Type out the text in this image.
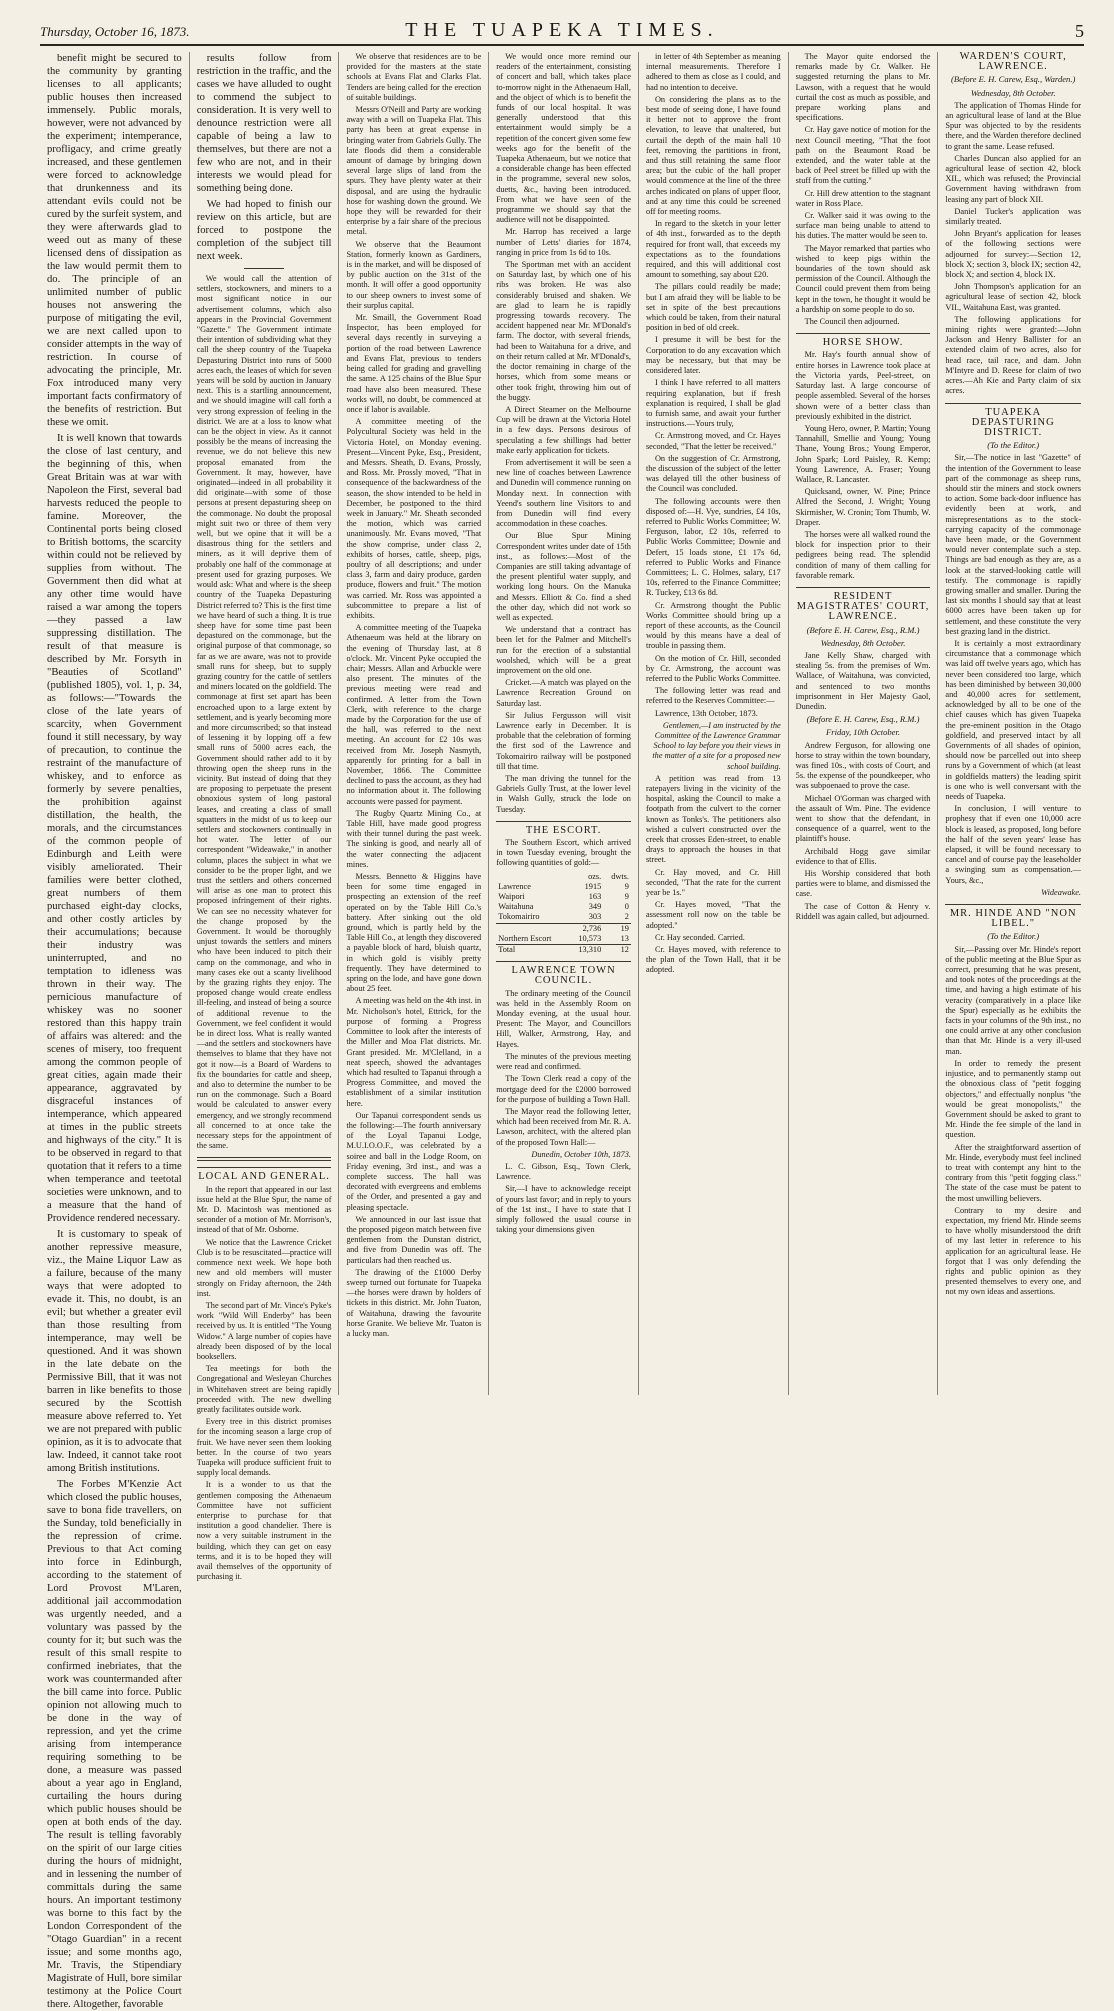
Thursday, October 16, 1873.	THE TUAPEKA TIMES.	5

benefit might be secured to the community by granting licenses to all applicants; public houses then increased immensely. Public morals, however, were not advanced by the experiment; intemperance, profligacy, and crime greatly increased, and these gentlemen were forced to acknowledge that drunkenness and its attendant evils could not be cured by the surfeit system, and they were afterwards glad to weed out as many of these licensed dens of dissipation as the law would permit them to do. The principle of an unlimited number of public houses not answering the purpose of mitigating the evil, we are next called upon to consider attempts in the way of restriction. In course of advocating the principle, Mr. Fox introduced many very important facts confirmatory of the benefits of restriction. But these we omit.

It is well known that towards the close of last century, and the beginning of this, when Great Britain was at war with Napoleon the First, several bad harvests reduced the people to famine. Moreover, the Continental ports being closed to British bottoms, the scarcity within could not be relieved by supplies from without. The Government then did what at any other time would have raised a war among the topers—they passed a law suppressing distillation. The result of that measure is described by Mr. Forsyth in "Beauties of Scotland" (published 1805), vol. 1, p. 34, as follows:—"Towards the close of the late years of scarcity, when Government found it still necessary, by way of precaution, to continue the restraint of the manufacture of whiskey, and to enforce as formerly by severe penalties, the prohibition against distillation, the health, the morals, and the circumstances of the common people of Edinburgh and Leith were visibly ameliorated. Their families were better clothed, great numbers of them purchased eight-day clocks, and other costly articles by their accumulations; because their industry was uninterrupted, and no temptation to idleness was thrown in their way. The pernicious manufacture of whiskey was no sooner restored than this happy train of affairs was altered: and the scenes of misery, too frequent among the common people of great cities, again made their appearance, aggravated by disgraceful instances of intemperance, which appeared at times in the public streets and highways of the city." It is to be observed in regard to that quotation that it refers to a time when temperance and teetotal societies were unknown, and to a measure that the hand of Providence rendered necessary.

It is customary to speak of another repressive measure, viz., the Maine Liquor Law as a failure, because of the many ways that were adopted to evade it. This, no doubt, is an evil; but whether a greater evil than those resulting from intemperance, may well be questioned. And it was shown in the late debate on the Permissive Bill, that it was not barren in like benefits to those secured by the Scottish measure above referred to. Yet we are not prepared with public opinion, as it is to advocate that law. Indeed, it cannot take root among British institutions.

The Forbes M'Kenzie Act which closed the public houses, save to bona fide travellers, on the Sunday, told beneficially in the repression of crime. Previous to that Act coming into force in Edinburgh, according to the statement of Lord Provost M'Laren, additional jail accommodation was urgently needed, and a voluntary was passed by the county for it; but such was the result of this small respite to confirmed inebriates, that the work was countermanded after the bill came into force. Public opinion not allowing much to be done in the way of repression, and yet the crime arising from intemperance requiring something to be done, a measure was passed about a year ago in England, curtailing the hours during which public houses should be open at both ends of the day. The result is telling favorably on the spirit of our large cities during the hours of midnight, and in lessening the number of committals during the same hours. An important testimony was borne to this fact by the London Correspondent of the "Otago Guardian" in a recent issue; and some months ago, Mr. Travis, the Stipendiary Magistrate of Hull, bore similar testimony at the Police Court there. Altogether, favorable

results follow from restriction in the traffic, and the cases we have alluded to ought to commend the subject to consideration. It is very well to denounce restriction were all capable of being a law to themselves, but there are not a few who are not, and in their interests we would plead for something being done.

We had hoped to finish our review on this article, but are forced to postpone the completion of the subject till next week.

We would call the attention of settlers, stockowners, and miners to a most significant notice in our advertisement columns, which also appears in the Provincial Government "Gazette." The Government intimate their intention of subdividing what they call the sheep country of the Tuapeka Depasturing District into runs of 5000 acres each, the leases of which for seven years will be sold by auction in January next. This is a startling announcement, and we should imagine will call forth a very strong expression of feeling in the district. We are at a loss to know what can be the object in view. As it cannot possibly be the means of increasing the revenue, we do not believe this new proposal emanated from the Government. It may, however, have originated—indeed in all probability it did originate—with some of those persons at present depasturing sheep on the commonage. No doubt the proposal might suit two or three of them very well, but we opine that it will be a disastrous thing for the settlers and miners, as it will deprive them of probably one half of the commonage at present used for grazing purposes. We would ask: What and where is the sheep country of the Tuapeka Depasturing District referred to? This is the first time we have heard of such a thing. It is true sheep have for some time past been depastured on the commonage, but the original purpose of that commonage, so far as we are aware, was not to provide small runs for sheep, but to supply grazing country for the cattle of settlers and miners located on the goldfield. The commonage at first set apart has been encroached upon to a large extent by settlement, and is yearly becoming more and more circumscribed; so that instead of lessening it by lopping off a few small runs of 5000 acres each, the Government should rather add to it by throwing open the sheep runs in the vicinity. But instead of doing that they are proposing to perpetuate the present obnoxious system of long pastoral leases, and creating a class of small squatters in the midst of us to keep our settlers and stockowners continually in hot water. The letter of our correspondent "Wideawake," in another column, places the subject in what we consider to be the proper light, and we trust the settlers and others concerned will arise as one man to protect this proposed infringement of their rights. We can see no necessity whatever for the change proposed by the Government. It would be thoroughly unjust towards the settlers and miners who have been induced to pitch their camp on the commonage, and who in many cases eke out a scanty livelihood by the grazing rights they enjoy. The proposed change would create endless ill-feeling, and instead of being a source of additional revenue to the Government, we feel confident it would be in direct loss. What is really wanted—and the settlers and stockowners have themselves to blame that they have not got it now—is a Board of Wardens to fix the boundaries for cattle and sheep, and also to determine the number to be run on the commonage. Such a Board would be calculated to answer every emergency, and we strongly recommend all concerned to at once take the necessary steps for the appointment of the same.

LOCAL AND GENERAL.

In the report that appeared in our last issue held at the Blue Spur, the name of Mr. D. Macintosh was mentioned as seconder of a motion of Mr. Morrison's, instead of that of Mr. Osborne.

We notice that the Lawrence Cricket Club is to be resuscitated—practice will commence next week. We hope both new and old members will muster strongly on Friday afternoon, the 24th inst.

The second part of Mr. Vince's Pyke's work "Wild Will Enderby" has been received by us. It is entitled "The Young Widow." A large number of copies have already been disposed of by the local booksellers.

Tea meetings for both the Congregational and Wesleyan Churches in Whitehaven street are being rapidly proceeded with. The new dwelling greatly facilitates outside work.

Every tree in this district promises for the incoming season a large crop of fruit. We have never seen them looking better. In the course of two years Tuapeka will produce sufficient fruit to supply local demands.

It is a wonder to us that the gentlemen composing the Athenaeum Committee have not sufficient enterprise to purchase for that institution a good chandelier. There is now a very suitable instrument in the building, which they can get on easy terms, and it is to be hoped they will avail themselves of the opportunity of purchasing it.

We observe that residences are to be provided for the masters at the state schools at Evans Flat and Clarks Flat. Tenders are being called for the erection of suitable buildings.

Messrs O'Neill and Party are working away with a will on Tuapeka Flat. This party has been at great expense in bringing water from Gabriels Gully. The late floods did them a considerable amount of damage by bringing down several large slips of land from the spurs. They have plenty water at their disposal, and are using the hydraulic hose for washing down the ground. We hope they will be rewarded for their enterprise by a fair share of the precious metal.

We observe that the Beaumont Station, formerly known as Gardiners, is in the market, and will be disposed of by public auction on the 31st of the month. It will offer a good opportunity to our sheep owners to invest some of their surplus capital.

Mr. Smaill, the Government Road Inspector, has been employed for several days recently in surveying a portion of the road between Lawrence and Evans Flat, previous to tenders being called for grading and gravelling the same. A 125 chains of the Blue Spur road have also been measured. These works will, no doubt, be commenced at once if labor is available.

A committee meeting of the Polycultural Society was held in the Victoria Hotel, on Monday evening. Present—Vincent Pyke, Esq., President, and Messrs. Sheath, D. Evans, Prossly, and Ross. Mr. Prossly moved, "That in consequence of the backwardness of the season, the show intended to be held in December, be postponed to the third week in January." Mr. Sheath seconded the motion, which was carried unanimously. Mr. Evans moved, "That the show comprise, under class 2, exhibits of horses, cattle, sheep, pigs, poultry of all descriptions; and under class 3, farm and dairy produce, garden produce, flowers and fruit." The motion was carried. Mr. Ross was appointed a subcommittee to prepare a list of exhibits.

A committee meeting of the Tuapeka Athenaeum was held at the library on the evening of Thursday last, at 8 o'clock. Mr. Vincent Pyke occupied the chair; Messrs. Allan and Arbuckle were also present. The minutes of the previous meeting were read and confirmed. A letter from the Town Clerk, with reference to the charge made by the Corporation for the use of the hall, was referred to the next meeting. An account for £2 10s was received from Mr. Joseph Nasmyth, apparently for printing for a ball in November, 1866. The Committee declined to pass the account, as they had no information about it. The following accounts were passed for payment.

The Rugby Quartz Mining Co., at Table Hill, have made good progress with their tunnel during the past week. The sinking is good, and nearly all of the water connecting the adjacent mines.

Messrs. Bennetto & Higgins have been for some time engaged in prospecting an extension of the reef operated on by the Table Hill Co.'s battery. After sinking out the old ground, which is partly held by the Table Hill Co., at length they discovered a payable block of hard, bluish quartz, in which gold is visibly pretty frequently. They have determined to spring on the lode, and have gone down about 25 feet.

A meeting was held on the 4th inst. in Mr. Nicholson's hotel, Ettrick, for the purpose of forming a Progress Committee to look after the interests of the Miller and Moa Flat districts. Mr. Grant presided. Mr. M'Clelland, in a neat speech, showed the advantages which had resulted to Tapanui through a Progress Committee, and moved the establishment of a similar institution here.

Our Tapanui correspondent sends us the following:—The fourth anniversary of the Loyal Tapanui Lodge, M.U.I.O.O.F., was celebrated by a soiree and ball in the Lodge Room, on Friday evening, 3rd inst., and was a complete success. The hall was decorated with evergreens and emblems of the Order, and presented a gay and pleasing spectacle.

We announced in our last issue that the proposed pigeon match between five gentlemen from the Dunstan district, and five from Dunedin was off. The particulars had then reached us.

The drawing of the £1000 Derby sweep turned out fortunate for Tuapeka—the horses were drawn by holders of tickets in this district. Mr. John Tuaton, of Waitahuna, drawing the favourite horse Granite. We believe Mr. Tuaton is a lucky man.

We would once more remind our readers of the entertainment, consisting of concert and ball, which takes place to-morrow night in the Athenaeum Hall, and the object of which is to benefit the funds of our local hospital. It was generally understood that this entertainment would simply be a repetition of the concert given some few weeks ago for the benefit of the Tuapeka Athenaeum, but we notice that a considerable change has been effected in the programme, several new solos, duetts, &c., having been introduced. From what we have seen of the programme we should say that the audience will not be disappointed.

Mr. Harrop has received a large number of Letts' diaries for 1874, ranging in price from 1s 6d to 10s.

The Sportman met with an accident on Saturday last, by which one of his ribs was broken. He was also considerably bruised and shaken. We are glad to learn he is rapidly progressing towards recovery. The accident happened near Mr. M'Donald's farm. The doctor, with several friends, had been to Waitahuna for a drive, and on their return called at Mr. M'Donald's, the doctor remaining in charge of the horses, which from some means or other took fright, throwing him out of the buggy.

A Direct Steamer on the Melbourne Cup will be drawn at the Victoria Hotel in a few days. Persons desirous of speculating a few shillings had better make early application for tickets.

From advertisement it will be seen a new line of coaches between Lawrence and Dunedin will commence running on Monday next. In connection with Yeend's southern line Visitors to and from Dunedin will find every accommodation in these coaches.

Our Blue Spur Mining Correspondent writes under date of 15th inst., as follows:—Most of the Companies are still taking advantage of the present plentiful water supply, and working long hours. On the Manuka and Messrs. Elliott & Co. find a shed the other day, which did not work so well as expected.

We understand that a contract has been let for the Palmer and Mitchell's run for the erection of a substantial woolshed, which will be a great improvement on the old one.

Cricket.—A match was played on the Lawrence Recreation Ground on Saturday last.

Sir Julius Fergusson will visit Lawrence early in December. It is probable that the celebration of forming the first sod of the Lawrence and Tokomairiro railway will be postponed till that time.

The man driving the tunnel for the Gabriels Gully Trust, at the lower level in Walsh Gully, struck the lode on Tuesday.

THE ESCORT.

The Southern Escort, which arrived in town Tuesday evening, brought the following quantities of gold:—

	ozs.	dwts.
Lawrence	1915	9
Waipori	163	9
Waitahuna	349	0
Tokomairiro	303	2
	2,736	19
Northern Escort	10,573	13
Total	13,310	12
LAWRENCE TOWN COUNCIL.

The ordinary meeting of the Council was held in the Assembly Room on Monday evening, at the usual hour. Present: The Mayor, and Councillors Hill, Walker, Armstrong, Hay, and Hayes.

The minutes of the previous meeting were read and confirmed.

The Town Clerk read a copy of the mortgage deed for the £2000 borrowed for the purpose of building a Town Hall.

The Mayor read the following letter, which had been received from Mr. R. A. Lawson, architect, with the altered plan of the proposed Town Hall:—

Dunedin, October 10th, 1873.

L. C. Gibson, Esq., Town Clerk, Lawrence.

Sir,—I have to acknowledge receipt of yours last favor; and in reply to yours of the 1st inst., I have to state that I simply followed the usual course in taking your dimensions given

in letter of 4th September as meaning internal measurements. Therefore I adhered to them as close as I could, and had no intention to deceive.

On considering the plans as to the best mode of seeing done, I have found it better not to approve the front elevation, to leave that unaltered, but curtail the depth of the main hall 10 feet, removing the partitions in front, and thus still retaining the same floor area; but the cubic of the hall proper would commence at the line of the three arches indicated on plans of upper floor, and at any time this could be screened off for meeting rooms.

In regard to the sketch in your letter of 4th inst., forwarded as to the depth required for front wall, that exceeds my expectations as to the foundations required, and this will additional cost amount to something, say about £20.

The pillars could readily be made; but I am afraid they will be liable to be set in spite of the best precautions which could be taken, from their natural position in bed of old creek.

I presume it will be best for the Corporation to do any excavation which may be necessary, but that may be considered later.

I think I have referred to all matters requiring explanation, but if fresh explanation is required, I shall be glad to furnish same, and await your further instructions.—Yours truly,

Cr. Armstrong moved, and Cr. Hayes seconded, "That the letter be received."

On the suggestion of Cr. Armstrong, the discussion of the subject of the letter was delayed till the other business of the Council was concluded.

The following accounts were then disposed of:—H. Vye, sundries, £4 10s, referred to Public Works Committee; W. Ferguson, labor, £2 10s, referred to Public Works Committee; Downie and Defert, 15 loads stone, £1 17s 6d, referred to Public Works and Finance Committees; L. C. Holmes, salary, £17 10s, referred to the Finance Committee; R. Tuckey, £13 6s 8d.

Cr. Armstrong thought the Public Works Committee should bring up a report of these accounts, as the Council would by this means have a deal of trouble in passing them.

On the motion of Cr. Hill, seconded by Cr. Armstrong, the account was referred to the Public Works Committee.

The following letter was read and referred to the Reserves Committee:—

Lawrence, 13th October, 1873.

Gentlemen,—I am instructed by the Committee of the Lawrence Grammar School to lay before you their views in the matter of a site for a proposed new school building.

A petition was read from 13 ratepayers living in the vicinity of the hospital, asking the Council to make a footpath from the culvert to the corner known as Tonks's. The petitioners also wished a culvert constructed over the creek that crosses Eden-street, to enable drays to approach the houses in that street.

Cr. Hay moved, and Cr. Hill seconded, "That the rate for the current year be 1s."

Cr. Hayes moved, "That the assessment roll now on the table be adopted."

Cr. Hay seconded. Carried.

Cr. Hayes moved, with reference to the plan of the Town Hall, that it be adopted.

The Mayor quite endorsed the remarks made by Cr. Walker. He suggested returning the plans to Mr. Lawson, with a request that he would curtail the cost as much as possible, and prepare working plans and specifications.

Cr. Hay gave notice of motion for the next Council meeting, "That the foot path on the Beaumont Road be extended, and the water table at the back of Peel street be filled up with the stuff from the cutting."

Cr. Hill drew attention to the stagnant water in Ross Place.

Cr. Walker said it was owing to the surface man being unable to attend to his duties. The matter would be seen to.

The Mayor remarked that parties who wished to keep pigs within the boundaries of the town should ask permission of the Council. Although the Council could prevent them from being kept in the town, he thought it would be a hardship on some people to do so.

The Council then adjourned.

HORSE SHOW.

Mr. Hay's fourth annual show of entire horses in Lawrence took place at the Victoria yards, Peel-street, on Saturday last. A large concourse of people assembled. Several of the horses shown were of a better class than previously exhibited in the district.

Young Hero, owner, P. Martin; Young Tannahill, Smellie and Young; Young Thane, Young Bros.; Young Emperor, John Spark; Lord Paisley, R. Kemp; Young Lawrence, A. Fraser; Young Wallace, R. Lancaster.

Quicksand, owner, W. Pine; Prince Alfred the Second, J. Wright; Young Skirmisher, W. Cronin; Tom Thumb, W. Draper.

The horses were all walked round the block for inspection prior to their pedigrees being read. The splendid condition of many of them calling for favorable remark.

RESIDENT MAGISTRATES' COURT, LAWRENCE.
(Before E. H. Carew, Esq., R.M.)
Wednesday, 8th October.

Jane Kelly Shaw, charged with stealing 5s. from the premises of Wm. Wallace, of Waitahuna, was convicted, and sentenced to two months imprisonment in Her Majesty Gaol, Dunedin.

(Before E. H. Carew, Esq., R.M.)
Friday, 10th October.

Andrew Ferguson, for allowing one horse to stray within the town boundary, was fined 10s., with costs of Court, and 5s. the expense of the poundkeeper, who was subpoenaed to prove the case.

Michael O'Gorman was charged with the assault of Wm. Pine. The evidence went to show that the defendant, in consequence of a quarrel, went to the plaintiff's house.

Archibald Hogg gave similar evidence to that of Ellis.

His Worship considered that both parties were to blame, and dismissed the case.

The case of Cotton & Henry v. Riddell was again called, but adjourned.

WARDEN'S COURT, LAWRENCE.
(Before E. H. Carew, Esq., Warden.)
Wednesday, 8th October.

The application of Thomas Hinde for an agricultural lease of land at the Blue Spur was objected to by the residents there, and the Warden therefore declined to grant the same. Lease refused.

Charles Duncan also applied for an agricultural lease of section 42, block XII., which was refused; the Provincial Government having withdrawn from leasing any part of block XII.

Daniel Tucker's application was similarly treated.

John Bryant's application for leases of the following sections were adjourned for survey:—Section 12, block X; section 3, block IX; section 42, block X; and section 4, block IX.

John Thompson's application for an agricultural lease of section 42, block VII., Waitahuna East, was granted.

The following applications for mining rights were granted:—John Jackson and Henry Ballister for an extended claim of two acres, also for head race, tail race, and dam. John M'Intyre and D. Reese for claim of two acres.—Ah Kie and Party claim of six acres.

TUAPEKA DEPASTURING DISTRICT.
(To the Editor.)

Sir,—The notice in last "Gazette" of the intention of the Government to lease part of the commonage as sheep runs, should stir the miners and stock owners to action. Some back-door influence has evidently been at work, and misrepresentations as to the stock-carrying capacity of the commonage have been made, or the Government would never contemplate such a step. Things are bad enough as they are, as a look at the starved-looking cattle will testify. The commonage is rapidly growing smaller and smaller. During the last six months I should say that at least 6000 acres have been taken up for settlement, and these constitute the very best grazing land in the district.

It is certainly a most extraordinary circumstance that a commonage which was laid off twelve years ago, which has never been considered too large, which has been diminished by between 30,000 and 40,000 acres for settlement, acknowledged by all to be one of the chief causes which has given Tuapeka the pre-eminent position in the Otago goldfield, and preserved intact by all Governments of all shades of opinion, should now be parcelled out into sheep runs by a Government of which (at least in goldfields matters) the leading spirit is one who is well conversant with the needs of Tuapeka.

In conclusion, I will venture to prophesy that if even one 10,000 acre block is leased, as proposed, long before the half of the seven years' lease has elapsed, it will be found necessary to cancel and of course pay the leaseholder a swinging sum as compensation.—Yours, &c.,

Wideawake.

MR. HINDE AND "NON LIBEL."
(To the Editor.)

Sir,—Passing over Mr. Hinde's report of the public meeting at the Blue Spur as correct, presuming that he was present, and took notes of the proceedings at the time, and having a high estimate of his veracity (comparatively in a place like the Spur) especially as he exhibits the facts in your columns of the 9th inst., no one could arrive at any other conclusion than that Mr. Hinde is a very ill-used man.

In order to remedy the present injustice, and to permanently stamp out the obnoxious class of "petit fogging objectors," and effectually nonplus "the would be great monopolists," the Government should be asked to grant to Mr. Hinde the fee simple of the land in question.

After the straightforward assertion of Mr. Hinde, everybody must feel inclined to treat with contempt any hint to the contrary from this "petit fogging class." The state of the case must be patent to the most unwilling believers.

Contrary to my desire and expectation, my friend Mr. Hinde seems to have wholly misunderstood the drift of my last letter in reference to his application for an agricultural lease. He forgot that I was only defending the rights and public opinion as they presented themselves to every one, and not my own ideas and assertions.
